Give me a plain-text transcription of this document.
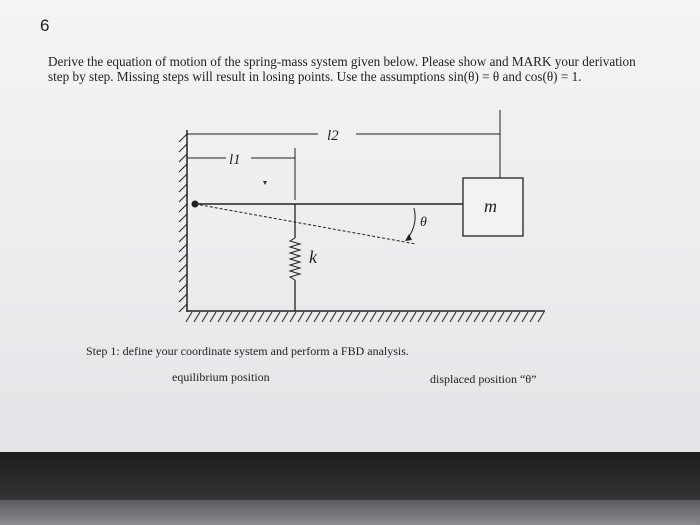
6
Derive the equation of motion of the spring-mass system given below. Please show and MARK your derivation
step by step. Missing steps will result in losing points. Use the assumptions sin(θ) = θ and cos(θ) = 1.
l2
l1
θ
m
k
Step 1: define your coordinate system and perform a FBD analysis.
equilibrium position	displaced position “θ”
